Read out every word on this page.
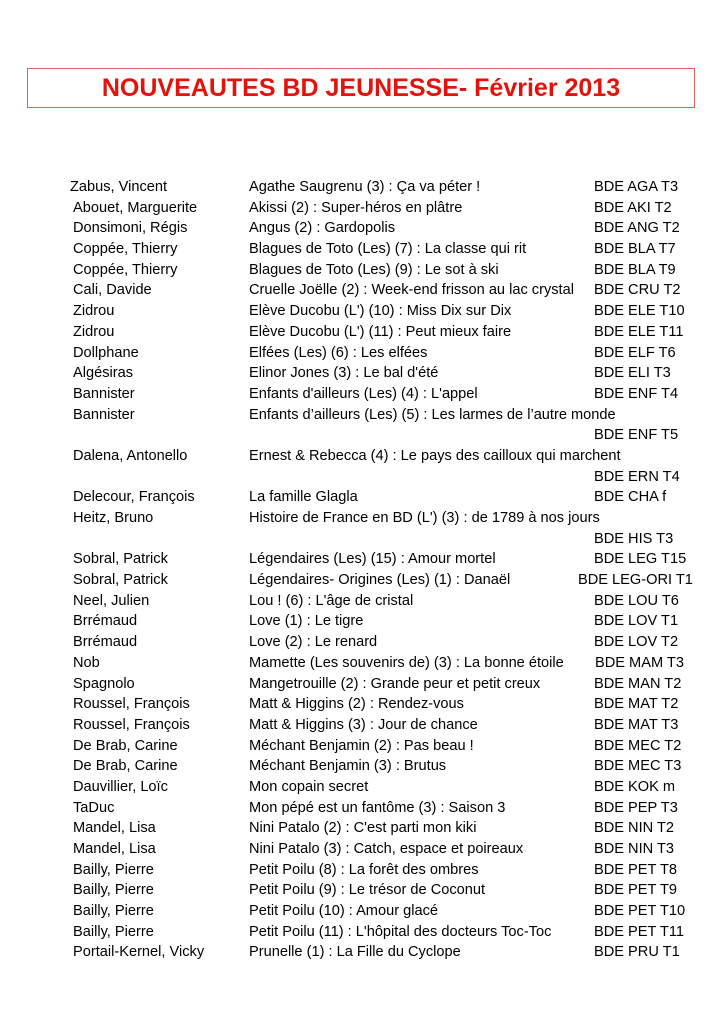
NOUVEAUTES BD JEUNESSE- Février 2013
Zabus, Vincent	Agathe Saugrenu (3) : Ça va péter !	BDE AGA T3
Abouet, Marguerite	Akissi (2) : Super-héros en plâtre	BDE AKI T2
Donsimoni, Régis	Angus (2) : Gardopolis	BDE ANG T2
Coppée, Thierry	Blagues de Toto (Les) (7) : La classe qui rit	BDE BLA T7
Coppée, Thierry	Blagues de Toto (Les) (9) : Le sot à ski	BDE BLA T9
Cali, Davide	Cruelle Joëlle (2) : Week-end frisson au lac crystal BDE CRU T2
Zidrou	Elève Ducobu (L') (10) : Miss Dix sur Dix	BDE ELE T10
Zidrou	Elève Ducobu (L') (11) : Peut mieux faire	BDE ELE T11
Dollphane	Elfées (Les) (6) : Les elfées	BDE ELF T6
Algésiras	Elinor Jones (3) : Le bal d'été	BDE ELI T3
Bannister	Enfants d'ailleurs (Les) (4) : L'appel	BDE ENF T4
Bannister	Enfants d’ailleurs (Les) (5) : Les larmes de l’autre monde
BDE ENF T5
Dalena, Antonello	Ernest & Rebecca (4) : Le pays des cailloux qui marchent
BDE ERN T4
Delecour, François	La famille Glagla	BDE CHA f
Heitz, Bruno	Histoire de France en BD (L') (3) : de 1789 à nos jours
BDE HIS T3
Sobral, Patrick	Légendaires (Les) (15) : Amour mortel	BDE LEG T15
Sobral, Patrick	Légendaires- Origines (Les) (1) : Danaël	BDE LEG-ORI T1
Neel, Julien	Lou ! (6) : L'âge de cristal	BDE LOU T6
Brrémaud	Love (1) : Le tigre	BDE LOV T1
Brrémaud	Love (2) : Le renard	BDE LOV T2
Nob	Mamette (Les souvenirs de) (3) : La bonne étoile BDE MAM T3
Spagnolo	Mangetrouille (2) : Grande peur et petit creux	BDE MAN T2
Roussel, François	Matt & Higgins (2) : Rendez-vous	BDE MAT T2
Roussel, François	Matt & Higgins (3) : Jour de chance	BDE MAT T3
De Brab, Carine	Méchant Benjamin (2) : Pas beau !	BDE MEC T2
De Brab, Carine	Méchant Benjamin (3) : Brutus	BDE MEC T3
Dauvillier, Loïc	Mon copain secret	BDE KOK m
TaDuc	Mon pépé est un fantôme (3) : Saison 3	BDE PEP T3
Mandel, Lisa	Nini Patalo (2) : C'est parti mon kiki	BDE NIN T2
Mandel, Lisa	Nini Patalo (3) : Catch, espace et poireaux	BDE NIN T3
Bailly, Pierre	Petit Poilu (8) : La forêt des ombres	BDE PET T8
Bailly, Pierre	Petit Poilu (9) : Le trésor de Coconut	BDE PET T9
Bailly, Pierre	Petit Poilu (10) : Amour glacé	BDE PET T10
Bailly, Pierre	Petit Poilu (11) : L'hôpital des docteurs Toc-Toc	BDE PET T11
Portail-Kernel, Vicky	Prunelle (1) : La Fille du Cyclope	BDE PRU T1
